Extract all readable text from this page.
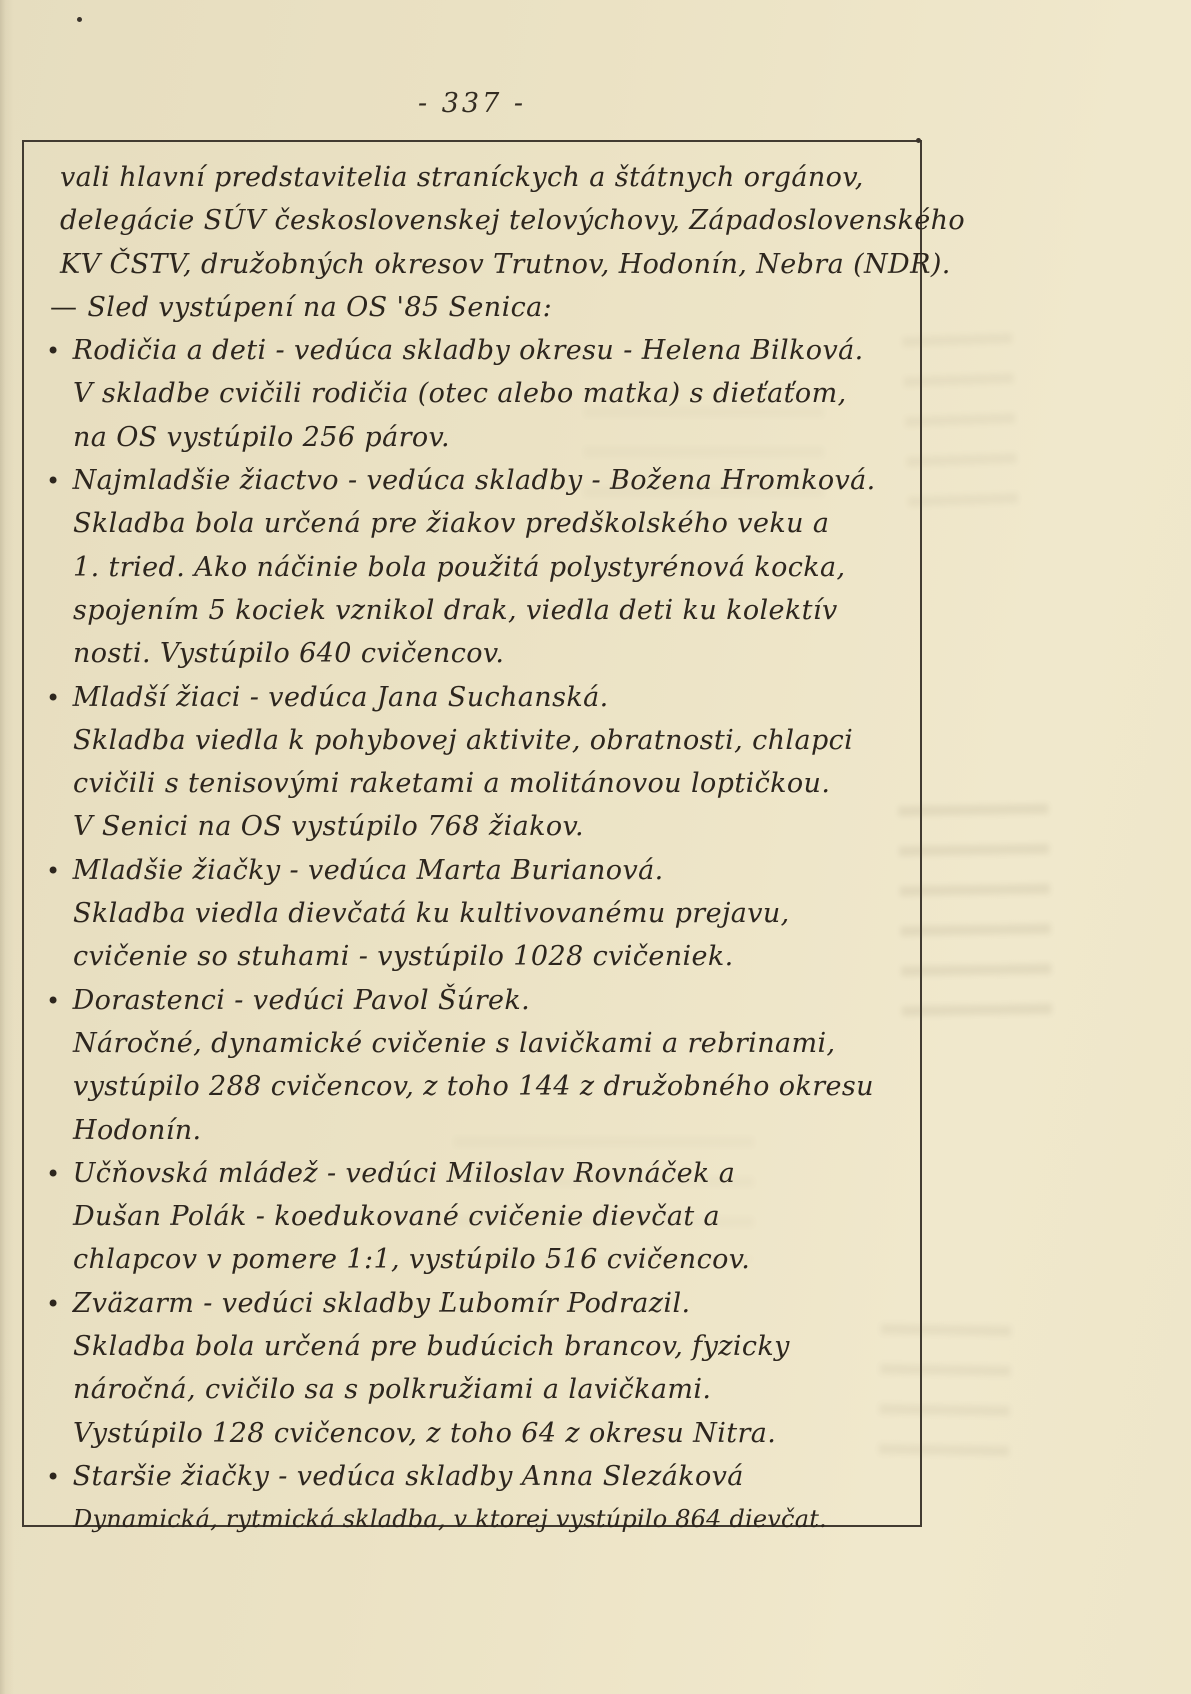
- 337 -
vali hlavní predstavitelia straníckych a štátnych orgánov,
delegácie SÚV československej telovýchovy, Západoslovenského
KV ČSTV, družobných okresov Trutnov, Hodonín, Nebra (NDR).
— Sled vystúpení na OS '85 Senica:
• Rodičia a deti - vedúca skladby okresu - Helena Bilková.
V skladbe cvičili rodičia (otec alebo matka) s dieťaťom,
na OS vystúpilo 256 párov.
• Najmladšie žiactvo - vedúca skladby - Božena Hromková.
Skladba bola určená pre žiakov predškolského veku a
1. tried. Ako náčinie bola použitá polystyrénová kocka,
spojením 5 kociek vznikol drak, viedla deti ku kolektív
nosti. Vystúpilo 640 cvičencov.
• Mladší žiaci - vedúca Jana Suchanská.
Skladba viedla k pohybovej aktivite, obratnosti, chlapci
cvičili s tenisovými raketami a molitánovou loptičkou.
V Senici na OS vystúpilo 768 žiakov.
• Mladšie žiačky - vedúca Marta Burianová.
Skladba viedla dievčatá ku kultivovanému prejavu,
cvičenie so stuhami - vystúpilo 1028 cvičeniek.
• Dorastenci - vedúci Pavol Šúrek.
Náročné, dynamické cvičenie s lavičkami a rebrinami,
vystúpilo 288 cvičencov, z toho 144 z družobného okresu
Hodonín.
• Učňovská mládež - vedúci Miloslav Rovnáček a
Dušan Polák - koedukované cvičenie dievčat a
chlapcov v pomere 1:1, vystúpilo 516 cvičencov.
• Zväzarm - vedúci skladby Ľubomír Podrazil.
Skladba bola určená pre budúcich brancov, fyzicky
náročná, cvičilo sa s polkružiami a lavičkami.
Vystúpilo 128 cvičencov, z toho 64 z okresu Nitra.
• Staršie žiačky - vedúca skladby Anna Slezáková
Dynamická, rytmická skladba, v ktorej vystúpilo 864 dievčat.
